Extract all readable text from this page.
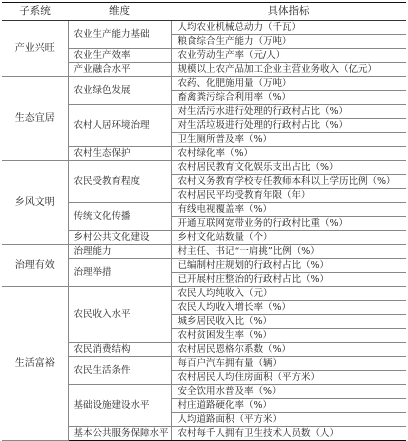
子系统	维度	具体指标
产业兴旺	农业生产能力基础	人均农业机械总动力（千瓦）
		粮食综合生产能力（万吨）
	农业生产效率	农业劳动生产率（元/人）
	产业融合水平	规模以上农产品加工企业主营业务收入（亿元）
生态宜居	农业绿色发展	农药、化肥施用量（万吨）
		畜禽粪污综合利用率（%）
	农村人居环境治理	对生活污水进行处理的行政村占比（%）
		对生活垃圾进行处理的行政村占比（%）
		卫生厕所普及率（%）
	农村生态保护	农村绿化率（%）
乡风文明	农民受教育程度	农村居民教育文化娱乐支出占比（%）
		农村义务教育学校专任教师本科以上学历比例（%）
		农村居民平均受教育年限（年）
	传统文化传播	有线电视覆盖率（%）
		开通互联网宽带业务的行政村比重（%）
	乡村公共文化建设	乡村文化站数量（个）
治理有效	治理能力	村主任、书记“一肩挑”比例（%）
	治理举措	已编制村庄规划的行政村占比（%）
		已开展村庄整治的行政村占比（%）
生活富裕	农民收入水平	农民人均纯收入（元）
		农民人均收入增长率（%）
		城乡居民收入比（%）
		农村贫困发生率（%）
	农民消费结构	农村居民恩格尔系数（%）
	农民生活条件	每百户汽车拥有量（辆）
		农村居民人均住房面积（平方米）
	基础设施建设水平	安全饮用水普及率（%）
		村庄道路硬化率（%）
		人均道路面积（平方米）
	基本公共服务保障水平	农村每千人拥有卫生技术人员数（人）
